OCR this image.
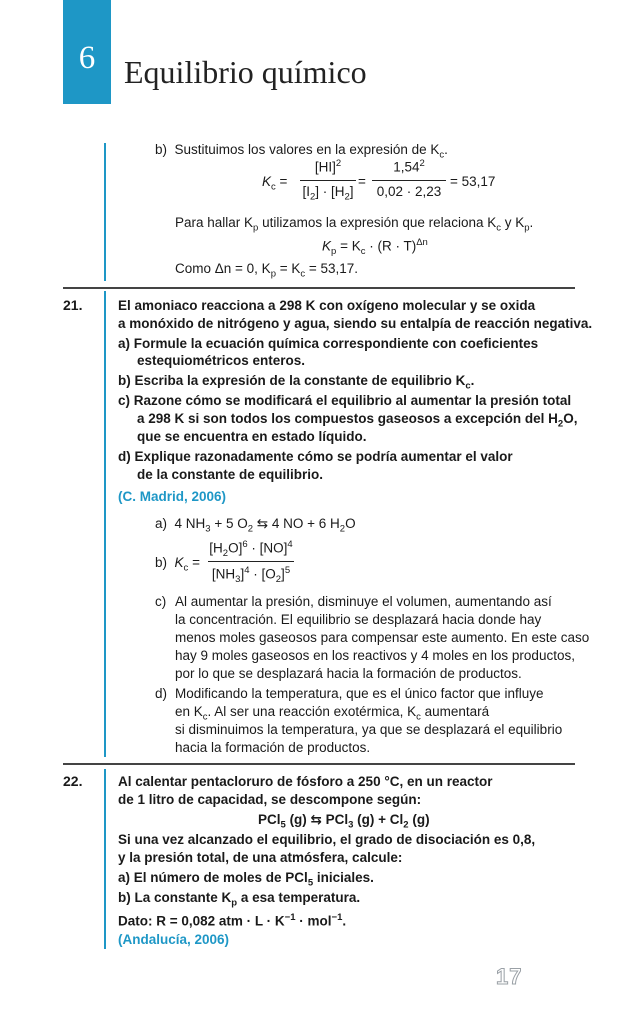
6 Equilibrio químico
b) Sustituimos los valores en la expresión de $K_c$.
$K_c$ =
[HI]$^2$
$[I_2] \cdot [H_2]$
=
$1,54^2$
0,02 · 2,23
= 53,17
Para hallar $K_p$ utilizamos la expresión que relaciona $K_c$ y $K_p$.
$K_p = K_c \cdot (R \cdot T)^{\Delta n}$
Como Δn = 0, $K_p = K_c = 53,17$.
21.	El amoniaco reacciona a 298 K con oxígeno molecular y se oxida
a monóxido de nitrógeno y agua, siendo su entalpía de reacción negativa.
a) Formule la ecuación química correspondiente con coeficientes
estequiométricos enteros.
b) Escriba la expresión de la constante de equilibrio $K_c$.
c) Razone cómo se modificará el equilibrio al aumentar la presión total
a 298 K si son todos los compuestos gaseosos a excepción del $H_2O$,
que se encuentra en estado líquido.
d) Explique razonadamente cómo se podría aumentar el valor
de la constante de equilibrio.
(C. Madrid, 2006)
a) 4 $NH_3 + 5$ $O_2$ ⇆ 4 NO + 6 $H_2O$
b) $K_c$ =
$[H_2O]^6 \cdot [NO]^4$
$[NH_3]^4 \cdot [O_2]^5$
c) Al aumentar la presión, disminuye el volumen, aumentando así
la concentración. El equilibrio se desplazará hacia donde hay
menos moles gaseosos para compensar este aumento. En este caso
hay 9 moles gaseosos en los reactivos y 4 moles en los productos,
por lo que se desplazará hacia la formación de productos.
d) Modificando la temperatura, que es el único factor que influye
en $K_c$. Al ser una reacción exotérmica, $K_c$ aumentará
si disminuimos la temperatura, ya que se desplazará el equilibrio
hacia la formación de productos.
22.	Al calentar pentacloruro de fósforo a 250 °C, en un reactor
de 1 litro de capacidad, se descompone según:
PCl$_5$ (g) ⇆ PCl$_3$ $(g) + Cl_2$ (g)
Si una vez alcanzado el equilibrio, el grado de disociación es 0,8,
y la presión total, de una atmósfera, calcule:
a) El número de moles de PCl$_5$ iniciales.
b) La constante $K_p$ a esa temperatura.
Dato: R = 0,082 atm · $L \cdot K^{-1} \cdot mol^{-1}$.
(Andalucía, 2006)
17
